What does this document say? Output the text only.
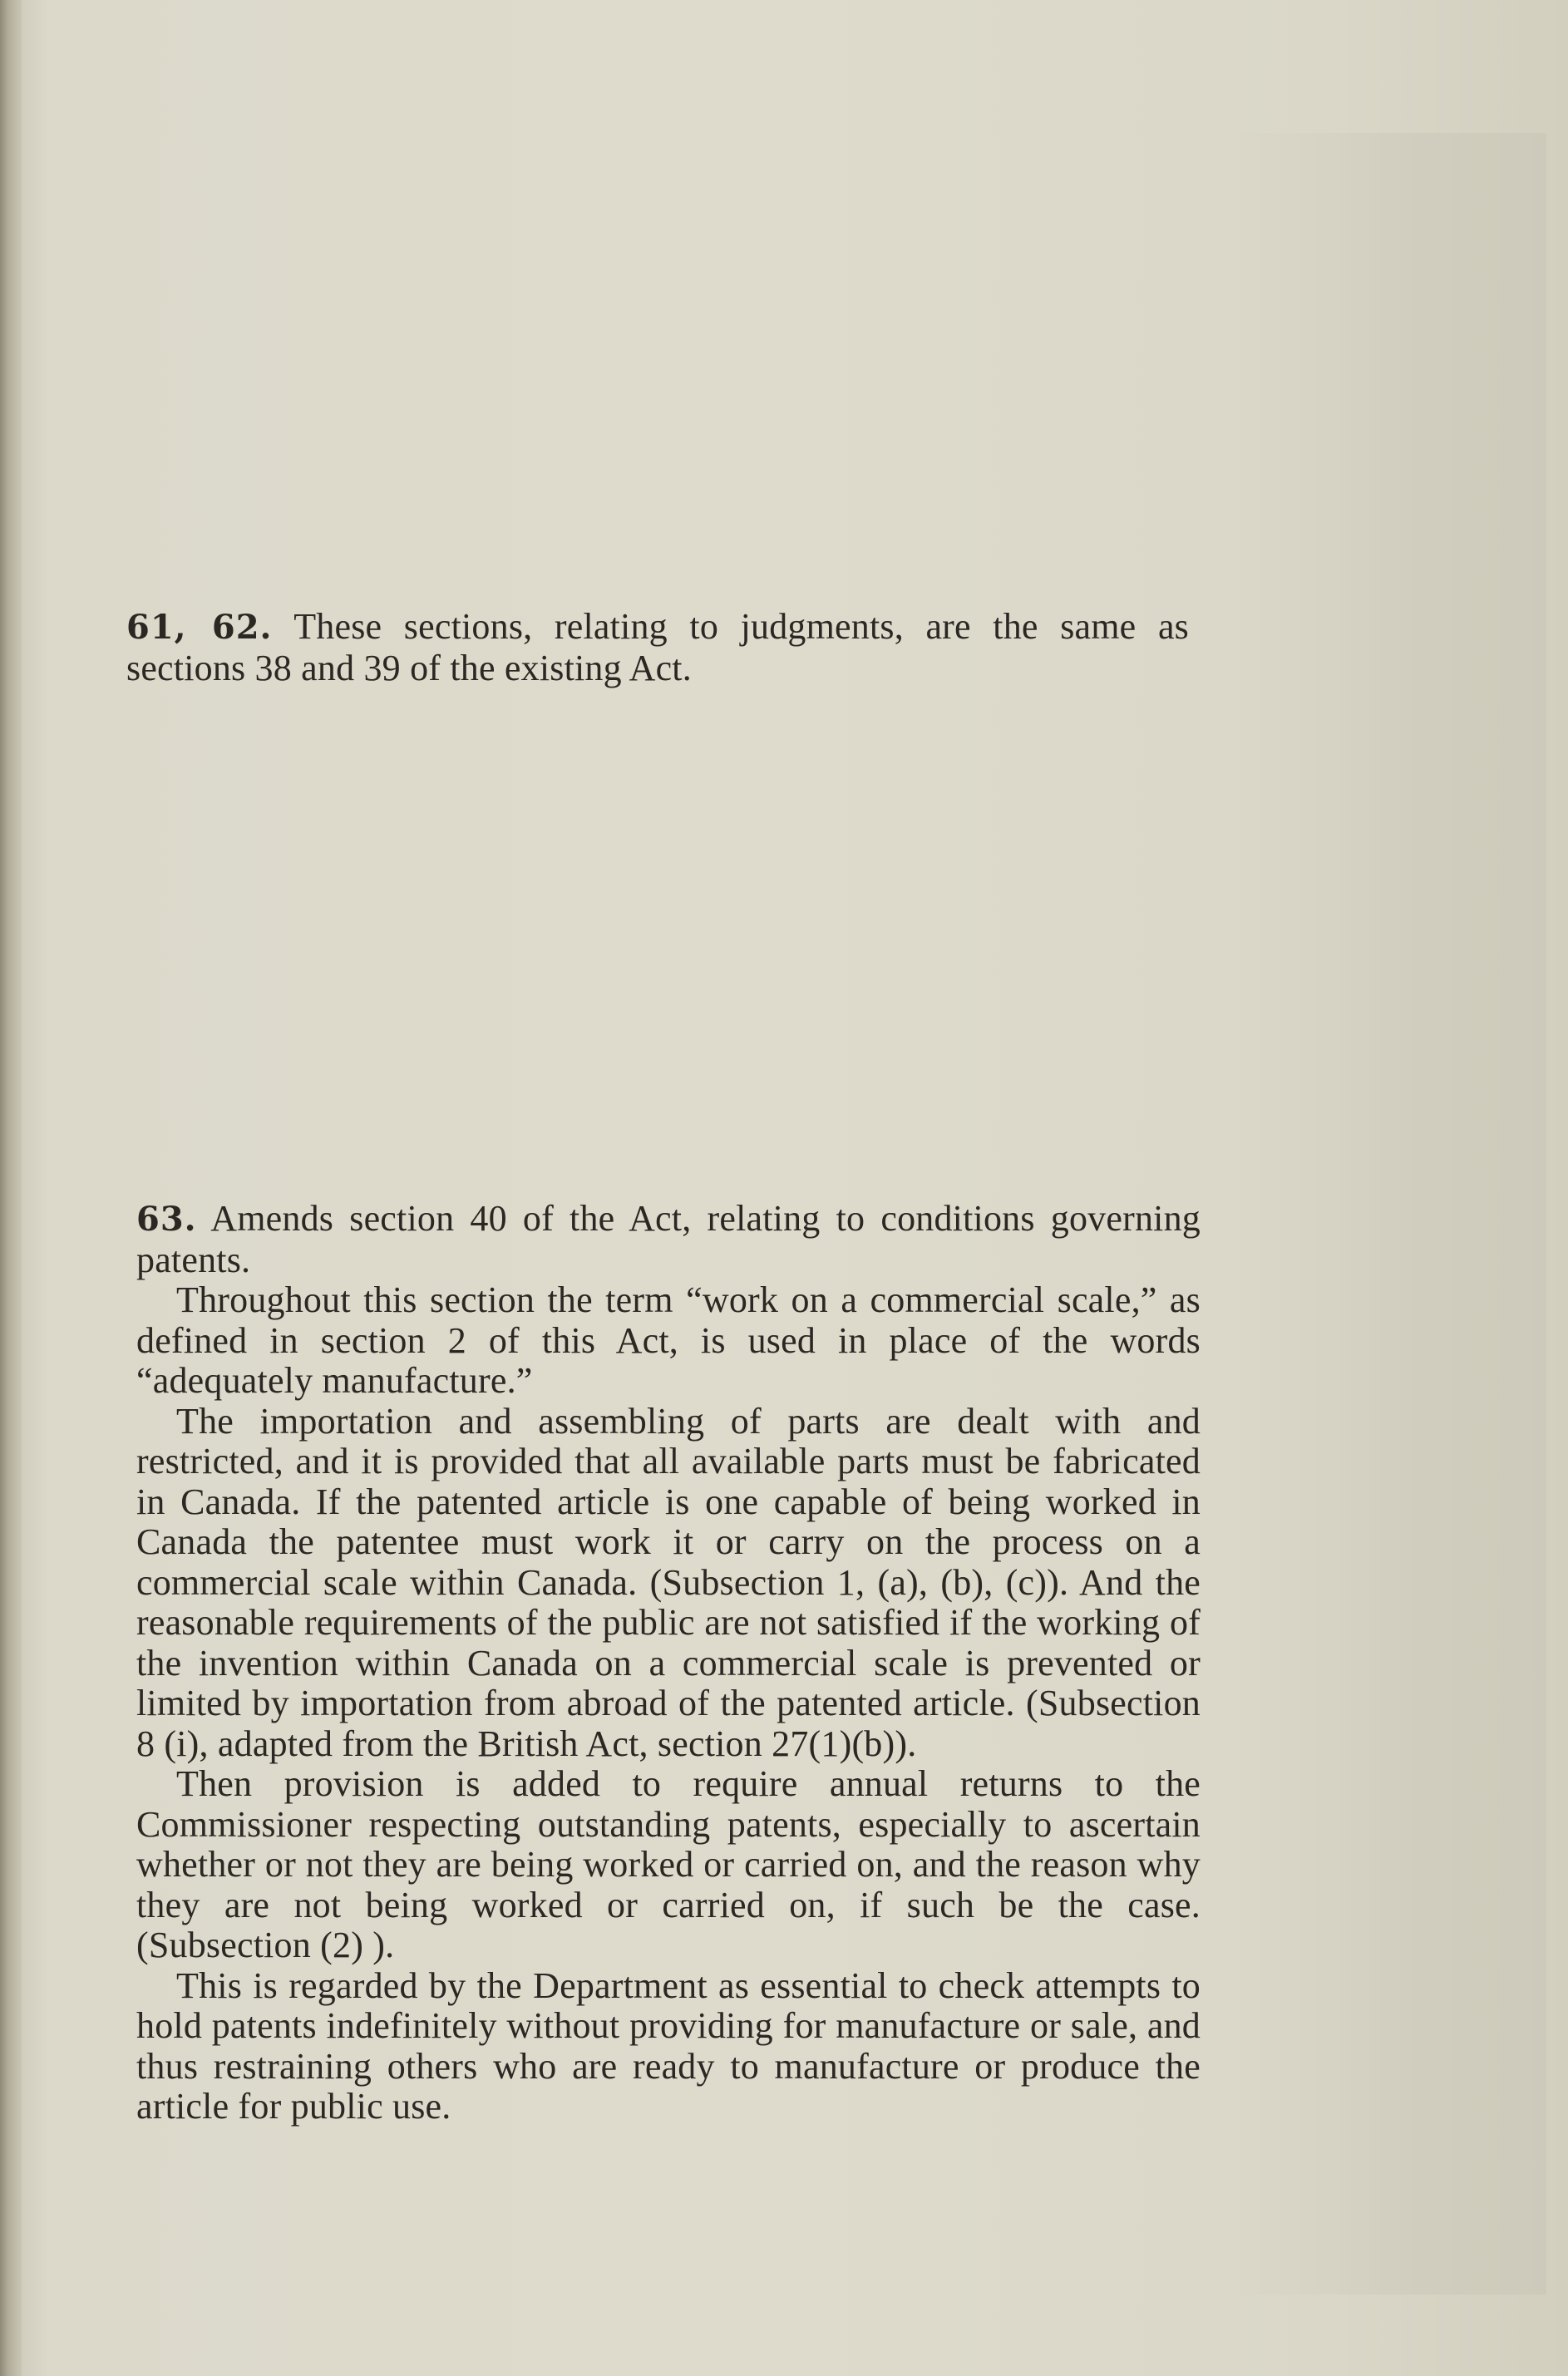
61, 62. These sections, relating to judgments, are the same as sections 38 and 39 of the existing Act.

63. Amends section 40 of the Act, relating to conditions governing patents.

Throughout this section the term “work on a commercial scale,” as defined in section 2 of this Act, is used in place of the words “adequately manufacture.”

The importation and assembling of parts are dealt with and restricted, and it is provided that all available parts must be fabricated in Canada. If the patented article is one capable of being worked in Canada the patentee must work it or carry on the process on a commercial scale within Canada. (Subsection 1, (a), (b), (c)). And the reasonable requirements of the public are not satisfied if the working of the invention within Canada on a commercial scale is prevented or limited by importation from abroad of the patented article. (Subsection 8 (i), adapted from the British Act, section 27(1)(b)).

Then provision is added to require annual returns to the Commissioner respecting outstanding patents, especially to ascertain whether or not they are being worked or carried on, and the reason why they are not being worked or carried on, if such be the case. (Subsection (2) ).

This is regarded by the Department as essential to check attempts to hold patents indefinitely without providing for manufacture or sale, and thus restraining others who are ready to manufacture or produce the article for public use.
